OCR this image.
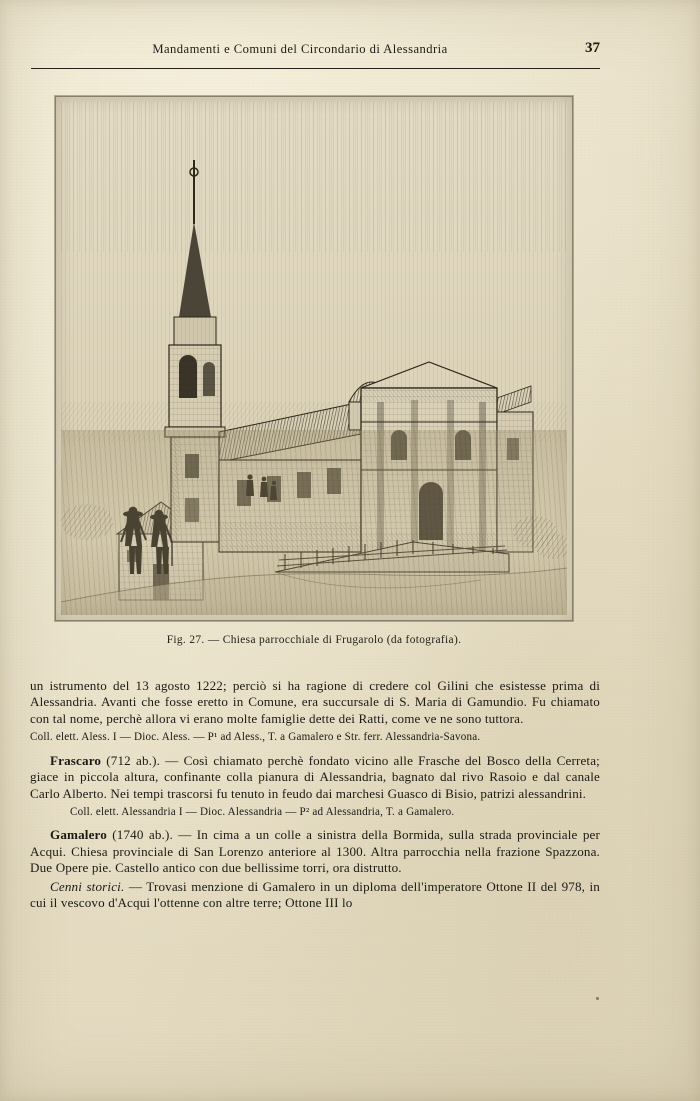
Mandamenti e Comuni del Circondario di Alessandria	37
Fig. 27. — Chiesa parrocchiale di Frugarolo (da fotografia).

un istrumento del 13 agosto 1222; perciò si ha ragione di credere col Gilini che esistesse prima di Alessandria. Avanti che fosse eretto in Comune, era succursale di S. Maria di Gamundio. Fu chiamato con tal nome, perchè allora vi erano molte famiglie dette dei Ratti, come ve ne sono tuttora.

Coll. elett. Aless. I — Dioc. Aless. — P¹ ad Aless., T. a Gamalero e Str. ferr. Alessandria-Savona.

Frascaro (712 ab.). — Così chiamato perchè fondato vicino alle Frasche del Bosco della Cerreta; giace in piccola altura, confinante colla pianura di Alessandria, bagnato dal rivo Rasoio e dal canale Carlo Alberto. Nei tempi trascorsi fu tenuto in feudo dai marchesi Guasco di Bisio, patrizi alessandrini.

Coll. elett. Alessandria I — Dioc. Alessandria — P² ad Alessandria, T. a Gamalero.

Gamalero (1740 ab.). — In cima a un colle a sinistra della Bormida, sulla strada provinciale per Acqui. Chiesa provinciale di San Lorenzo anteriore al 1300. Altra parrocchia nella frazione Spazzona. Due Opere pie. Castello antico con due bellissime torri, ora distrutto.

Cenni storici. — Trovasi menzione di Gamalero in un diploma dell'imperatore Ottone II del 978, in cui il vescovo d'Acqui l'ottenne con altre terre; Ottone III lo
